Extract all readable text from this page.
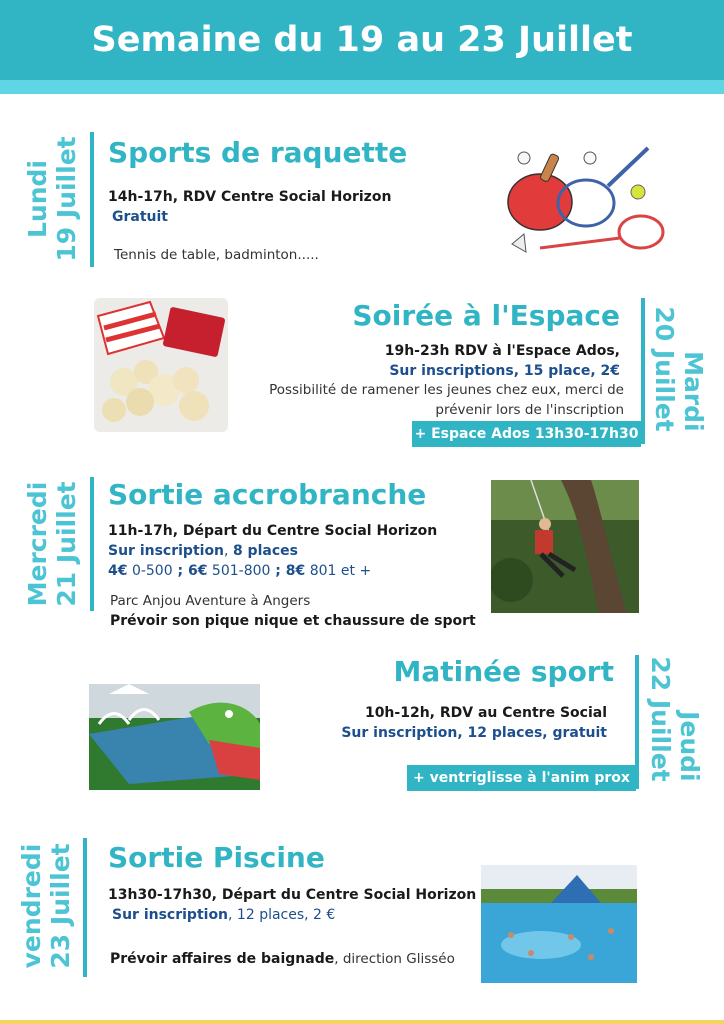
Semaine du 19 au 23 Juillet
Lundi 19 Juillet Sports de raquette
14h-17h, RDV Centre Social Horizon
Gratuit
Tennis de table, badminton.....
Mardi
20 Juillet
Soirée à l'Espace
19h-23h RDV à l'Espace Ados,
Sur inscriptions, 15 place, 2€
Possibilité de ramener les jeunes chez eux, merci de
prévenir lors de l'inscription
+ Espace Ados 13h30-17h30
Mercredi 21 Juillet Sortie accrobranche
11h-17h, Départ du Centre Social Horizon
Sur inscription, 8 places
4€ 0-500 ; 6€ 501-800 ; 8€ 801 et +
Parc Anjou Aventure à Angers
Prévoir son pique nique et chaussure de sport
Jeudi
22 Juillet
Matinée sport
10h-12h, RDV au Centre Social
Sur inscription, 12 places, gratuit
+ ventriglisse à l'anim prox
vendredi 23 Juillet Sortie Piscine
13h30-17h30, Départ du Centre Social Horizon
Sur inscription, 12 places, 2 €
Prévoir affaires de baignade, direction Glisséo
